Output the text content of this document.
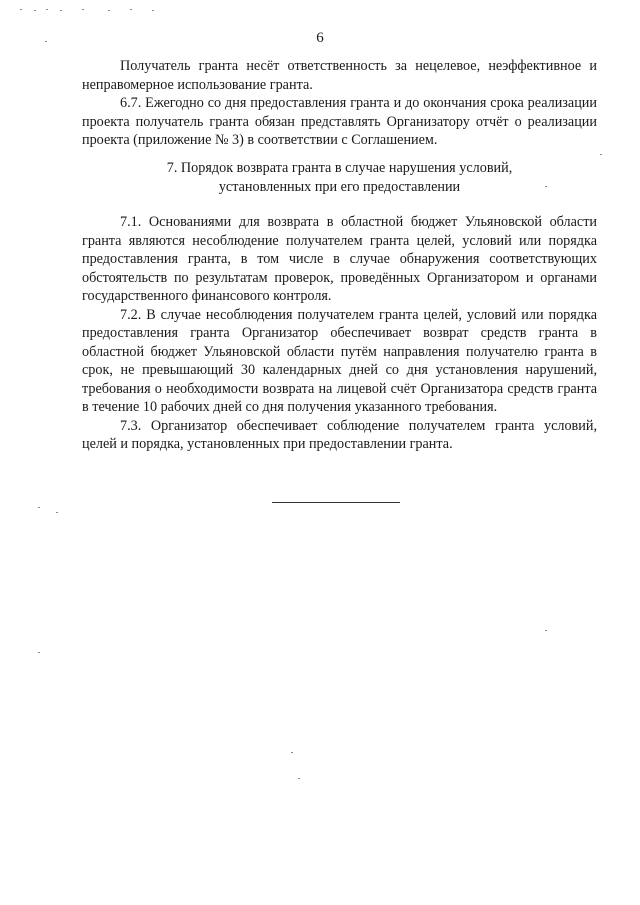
6

Получатель гранта несёт ответственность за нецелевое, неэффективное и неправомерное использование гранта.

6.7. Ежегодно со дня предоставления гранта и до окончания срока реализации проекта получатель гранта обязан представлять Организатору отчёт о реализации проекта (приложение № 3) в соответствии с Соглашением.

7. Порядок возврата гранта в случае нарушения условий,
установленных при его предоставлении

7.1. Основаниями для возврата в областной бюджет Ульяновской области гранта являются несоблюдение получателем гранта целей, условий или порядка предоставления гранта, в том числе в случае обнаружения соответствующих обстоятельств по результатам проверок, проведённых Организатором и органами государственного финансового контроля.

7.2. В случае несоблюдения получателем гранта целей, условий или порядка предоставления гранта Организатор обеспечивает возврат средств гранта в областной бюджет Ульяновской области путём направления получателю гранта в срок, не превышающий 30 календарных дней со дня установления нарушений, требования о необходимости возврата на лицевой счёт Организатора средств гранта в течение 10 рабочих дней со дня получения указанного требования.

7.3. Организатор обеспечивает соблюдение получателем гранта условий, целей и порядка, установленных при предоставлении гранта.
